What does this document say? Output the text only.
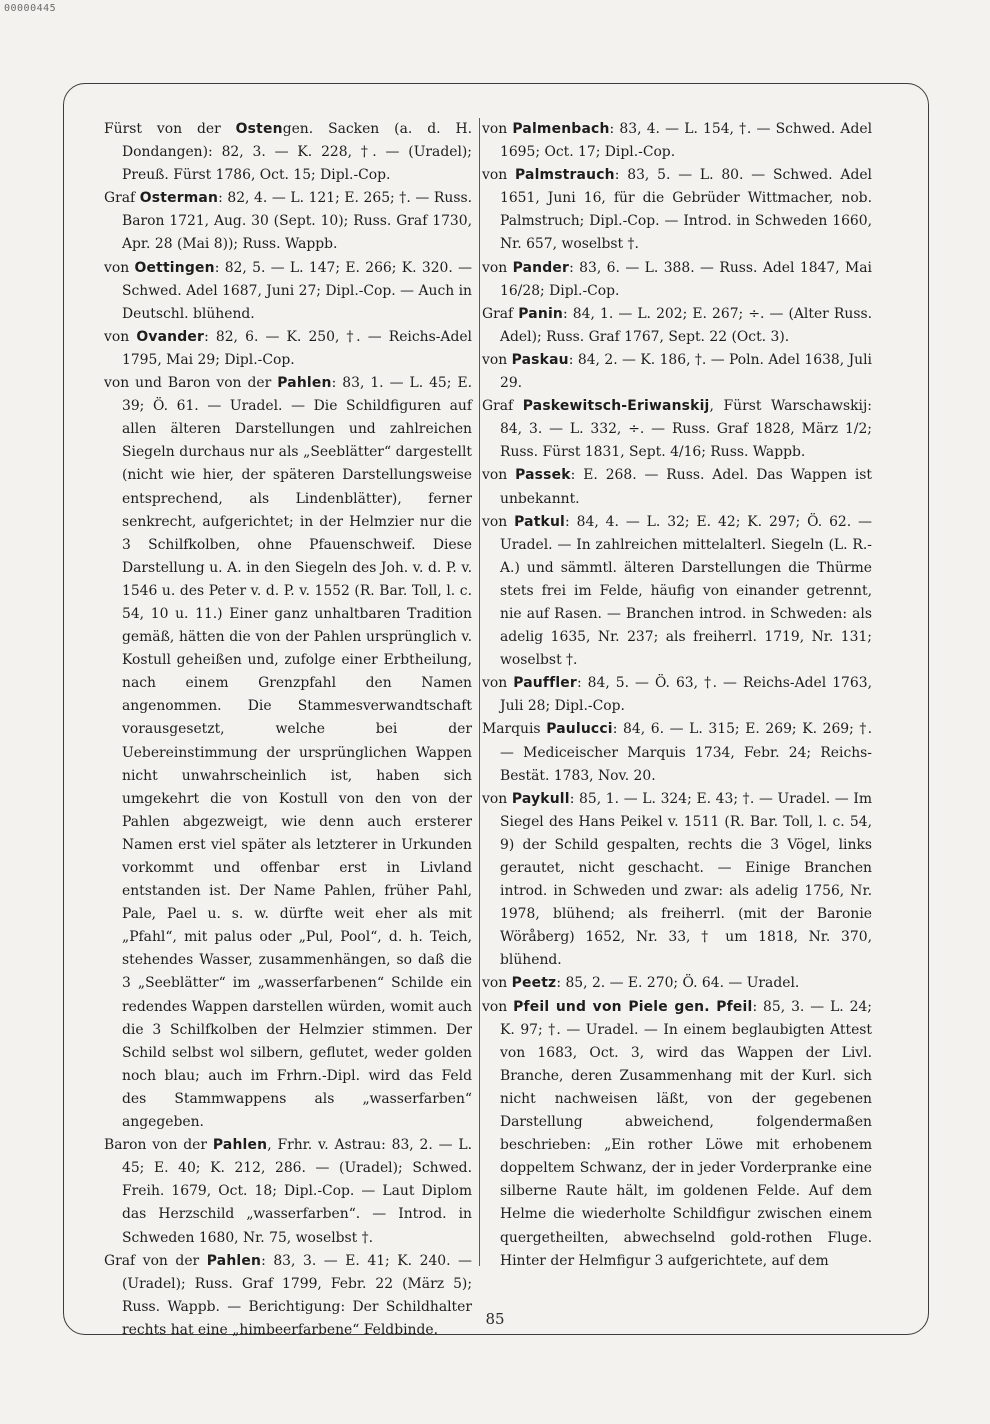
00000445

Fürst von der Ostengen. Sacken (a. d. H. Dondangen): 82, 3. — K. 228, †. — (Uradel); Preuß. Fürst 1786, Oct. 15; Dipl.-Cop.

Graf Osterman: 82, 4. — L. 121; E. 265; †. — Russ. Baron 1721, Aug. 30 (Sept. 10); Russ. Graf 1730, Apr. 28 (Mai 8)); Russ. Wappb.

von Oettingen: 82, 5. — L. 147; E. 266; K. 320. — Schwed. Adel 1687, Juni 27; Dipl.-Cop. — Auch in Deutschl. blühend.

von Ovander: 82, 6. — K. 250, †. — Reichs-Adel 1795, Mai 29; Dipl.-Cop.

von und Baron von der Pahlen: 83, 1. — L. 45; E. 39; Ö. 61. — Uradel. — Die Schildfiguren auf allen älteren Darstellungen und zahlreichen Siegeln durchaus nur als „Seeblätter“ dargestellt (nicht wie hier, der späteren Darstellungsweise entsprechend, als Lindenblätter), ferner senkrecht, aufgerichtet; in der Helmzier nur die 3 Schilfkolben, ohne Pfauenschweif. Diese Darstellung u. A. in den Siegeln des Joh. v. d. P. v. 1546 u. des Peter v. d. P. v. 1552 (R. Bar. Toll, l. c. 54, 10 u. 11.) Einer ganz unhaltbaren Tradition gemäß, hätten die von der Pahlen ursprünglich v. Kostull geheißen und, zufolge einer Erbtheilung, nach einem Grenzpfahl den Namen angenommen. Die Stammesverwandtschaft vorausgesetzt, welche bei der Uebereinstimmung der ursprünglichen Wappen nicht unwahrscheinlich ist, haben sich umgekehrt die von Kostull von den von der Pahlen abgezweigt, wie denn auch ersterer Namen erst viel später als letzterer in Urkunden vorkommt und offenbar erst in Livland entstanden ist. Der Name Pahlen, früher Pahl, Pale, Pael u. s. w. dürfte weit eher als mit „Pfahl“, mit palus oder „Pul, Pool“, d. h. Teich, stehendes Wasser, zusammenhängen, so daß die 3 „Seeblätter“ im „wasserfarbenen“ Schilde ein redendes Wappen darstellen würden, womit auch die 3 Schilfkolben der Helmzier stimmen. Der Schild selbst wol silbern, geflutet, weder golden noch blau; auch im Frhrn.-Dipl. wird das Feld des Stammwappens als „wasserfarben“ angegeben.

Baron von der Pahlen, Frhr. v. Astrau: 83, 2. — L. 45; E. 40; K. 212, 286. — (Uradel); Schwed. Freih. 1679, Oct. 18; Dipl.-Cop. — Laut Diplom das Herzschild „wasserfarben“. — Introd. in Schweden 1680, Nr. 75, woselbst †.

Graf von der Pahlen: 83, 3. — E. 41; K. 240. — (Uradel); Russ. Graf 1799, Febr. 22 (März 5); Russ. Wappb. — Berichtigung: Der Schildhalter rechts hat eine „himbeerfarbene“ Feldbinde.

von Palmenbach: 83, 4. — L. 154, †. — Schwed. Adel 1695; Oct. 17; Dipl.-Cop.

von Palmstrauch: 83, 5. — L. 80. — Schwed. Adel 1651, Juni 16, für die Gebrüder Wittmacher, nob. Palmstruch; Dipl.-Cop. — Introd. in Schweden 1660, Nr. 657, woselbst †.

von Pander: 83, 6. — L. 388. — Russ. Adel 1847, Mai 16/28; Dipl.-Cop.

Graf Panin: 84, 1. — L. 202; E. 267; ÷. — (Alter Russ. Adel); Russ. Graf 1767, Sept. 22 (Oct. 3).

von Paskau: 84, 2. — K. 186, †. — Poln. Adel 1638, Juli 29.

Graf Paskewitsch-Eriwanskij, Fürst Warschawskij: 84, 3. — L. 332, ÷. — Russ. Graf 1828, März 1/2; Russ. Fürst 1831, Sept. 4/16; Russ. Wappb.

von Passek: E. 268. — Russ. Adel. Das Wappen ist unbekannt.

von Patkul: 84, 4. — L. 32; E. 42; K. 297; Ö. 62. — Uradel. — In zahlreichen mittelalterl. Siegeln (L. R.-A.) und sämmtl. älteren Darstellungen die Thürme stets frei im Felde, häufig von einander getrennt, nie auf Rasen. — Branchen introd. in Schweden: als adelig 1635, Nr. 237; als freiherrl. 1719, Nr. 131; woselbst †.

von Pauffler: 84, 5. — Ö. 63, †. — Reichs-Adel 1763, Juli 28; Dipl.-Cop.

Marquis Paulucci: 84, 6. — L. 315; E. 269; K. 269; †. — Mediceischer Marquis 1734, Febr. 24; Reichs-Bestät. 1783, Nov. 20.

von Paykull: 85, 1. — L. 324; E. 43; †. — Uradel. — Im Siegel des Hans Peikel v. 1511 (R. Bar. Toll, l. c. 54, 9) der Schild gespalten, rechts die 3 Vögel, links gerautet, nicht geschacht. — Einige Branchen introd. in Schweden und zwar: als adelig 1756, Nr. 1978, blühend; als freiherrl. (mit der Baronie Wöråberg) 1652, Nr. 33, † um 1818, Nr. 370, blühend.

von Peetz: 85, 2. — E. 270; Ö. 64. — Uradel.

von Pfeil und von Piele gen. Pfeil: 85, 3. — L. 24; K. 97; †. — Uradel. — In einem beglaubigten Attest von 1683, Oct. 3, wird das Wappen der Livl. Branche, deren Zusammenhang mit der Kurl. sich nicht nachweisen läßt, von der gegebenen Darstellung abweichend, folgendermaßen beschrieben: „Ein rother Löwe mit erhobenem doppeltem Schwanz, der in jeder Vorderpranke eine silberne Raute hält, im goldenen Felde. Auf dem Helme die wiederholte Schildfigur zwischen einem quergetheilten, abwechselnd gold-rothen Fluge. Hinter der Helmfigur 3 aufgerichtete, auf dem

85
